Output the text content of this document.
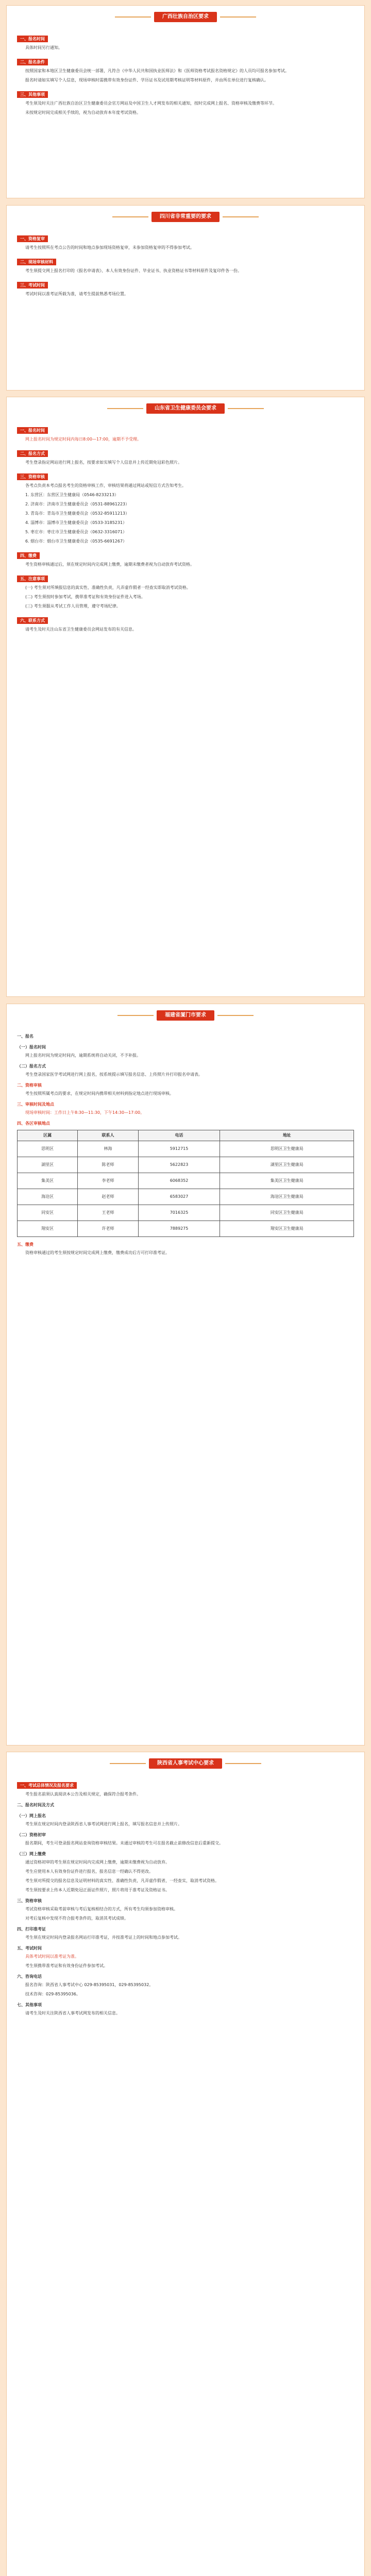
广西壮族自治区要求
一、报名时间
具体时间另行通知。
二、报名条件
按照国家和本地区卫生健康委员会统一部署，凡符合《中华人民共和国执业医师法》和《医师资格考试报名资格规定》的人员均可报名参加考试。
报名时请如实填写个人信息，现场审核时需携带有效身份证件、学历证书及试用期考核证明等材料原件，并由所在单位进行复核确认。
三、其他事项
考生须及时关注广西壮族自治区卫生健康委员会官方网站及中国卫生人才网发布的相关通知，按时完成网上报名、资格审核及缴费等环节。
未按规定时间完成相关手续的，视为自动放弃本年度考试资格。
四川省非常重要的要求
一、资格复审
请考生按照所在考点公告的时间和地点参加现场资格复审，未参加资格复审的不得参加考试。
二、现场审核材料
考生须提交网上报名打印的《报名申请表》、本人有效身份证件、毕业证书、执业资格证书等材料原件及复印件各一份。
三、考试时间
考试时间以准考证所载为准，请考生提前熟悉考场位置。
山东省卫生健康委员会要求
一、报名时间
网上报名时间为规定时间内每日8:00—17:00，逾期不予受理。
二、报名方式
考生登录指定网站进行网上报名，按要求如实填写个人信息并上传近期免冠彩色照片。
三、资格审核
各考点负责本考点报名考生的资格审核工作，审核结果将通过网站或短信方式告知考生。
1. 东营区：东营区卫生健康局（0546-8233213）
2. 济南市：济南市卫生健康委员会（0531-88961223）
3. 青岛市：青岛市卫生健康委员会（0532-85911213）
4. 淄博市：淄博市卫生健康委员会（0533-3185231）
5. 枣庄市：枣庄市卫生健康委员会（0632-3316071）
6. 烟台市：烟台市卫生健康委员会（0535-6691267）
四、缴费
考生资格审核通过后，须在规定时间内完成网上缴费，逾期未缴费者视为自动放弃考试资格。
五、注意事项
(一) 考生须对所填报信息的真实性、准确性负责，凡弄虚作假者一经查实即取消考试资格。
(二) 考生须按时参加考试，携带准考证和有效身份证件进入考场。
(三) 考生须服从考试工作人员管理，遵守考场纪律。
六、联系方式
请考生及时关注山东省卫生健康委员会网站发布的有关信息。
福建省厦门市要求
一、报名
（一）报名时间
网上报名时间为规定时间内，逾期系统将自动关闭，不予补报。
（二）报名方式
考生登录国家医学考试网进行网上报名，按系统提示填写报名信息、上传照片并打印报名申请表。
二、资格审核
考生按照所属考点的要求，在规定时间内携带相关材料到指定地点进行现场审核。
三、审核时间及地点
现场审核时间：工作日上午8:30—11:30，下午14:30—17:00。
四、各区审核地点
区属	联系人	电话	地址
思明区	林海	5912715	思明区卫生健康局
湖里区	陈老师	5622823	湖里区卫生健康局
集美区	李老师	6068352	集美区卫生健康局
海沧区	赵老师	6583027	海沧区卫生健康局
同安区	王老师	7016325	同安区卫生健康局
翔安区	许老师	7889275	翔安区卫生健康局
五、缴费
资格审核通过的考生须按规定时间完成网上缴费，缴费成功后方可打印准考证。
陕西省人事考试中心要求
一、考试总体情况及报名要求
考生报名前须认真阅读本公告及相关规定，确保符合报考条件。
二、报名时间及方式
（一）网上报名
考生须在规定时间内登录陕西省人事考试网进行网上报名，填写报名信息并上传照片。
（二）资格初审
报名期间，考生可登录报名网站查询资格审核结果。未通过审核的考生可在报名截止前修改信息后重新提交。
（三）网上缴费
通过资格初审的考生须在规定时间内完成网上缴费，逾期未缴费视为自动放弃。
考生应使用本人有效身份证件进行报名，报名信息一经确认不得更改。
考生须对所提交的报名信息及证明材料的真实性、准确性负责，凡弄虚作假者，一经查实，取消考试资格。
考生须按要求上传本人近期免冠正面证件照片，照片将用于准考证及资格证书。
三、资格审核
考试资格审核采取考前审核与考后复核相结合的方式，所有考生均须参加资格审核。
对考后复核中发现不符合报考条件的，取消其考试成绩。
四、打印准考证
考生须在规定时间内登录报名网站打印准考证，并按准考证上的时间和地点参加考试。
五、考试时间
具体考试时间以准考证为准。
考生须携带准考证和有效身份证件参加考试。
六、咨询电话
报名咨询：陕西省人事考试中心 029-85395031，029-85395032。
技术咨询：029-85395036。
七、其他事项
请考生及时关注陕西省人事考试网发布的相关信息。
